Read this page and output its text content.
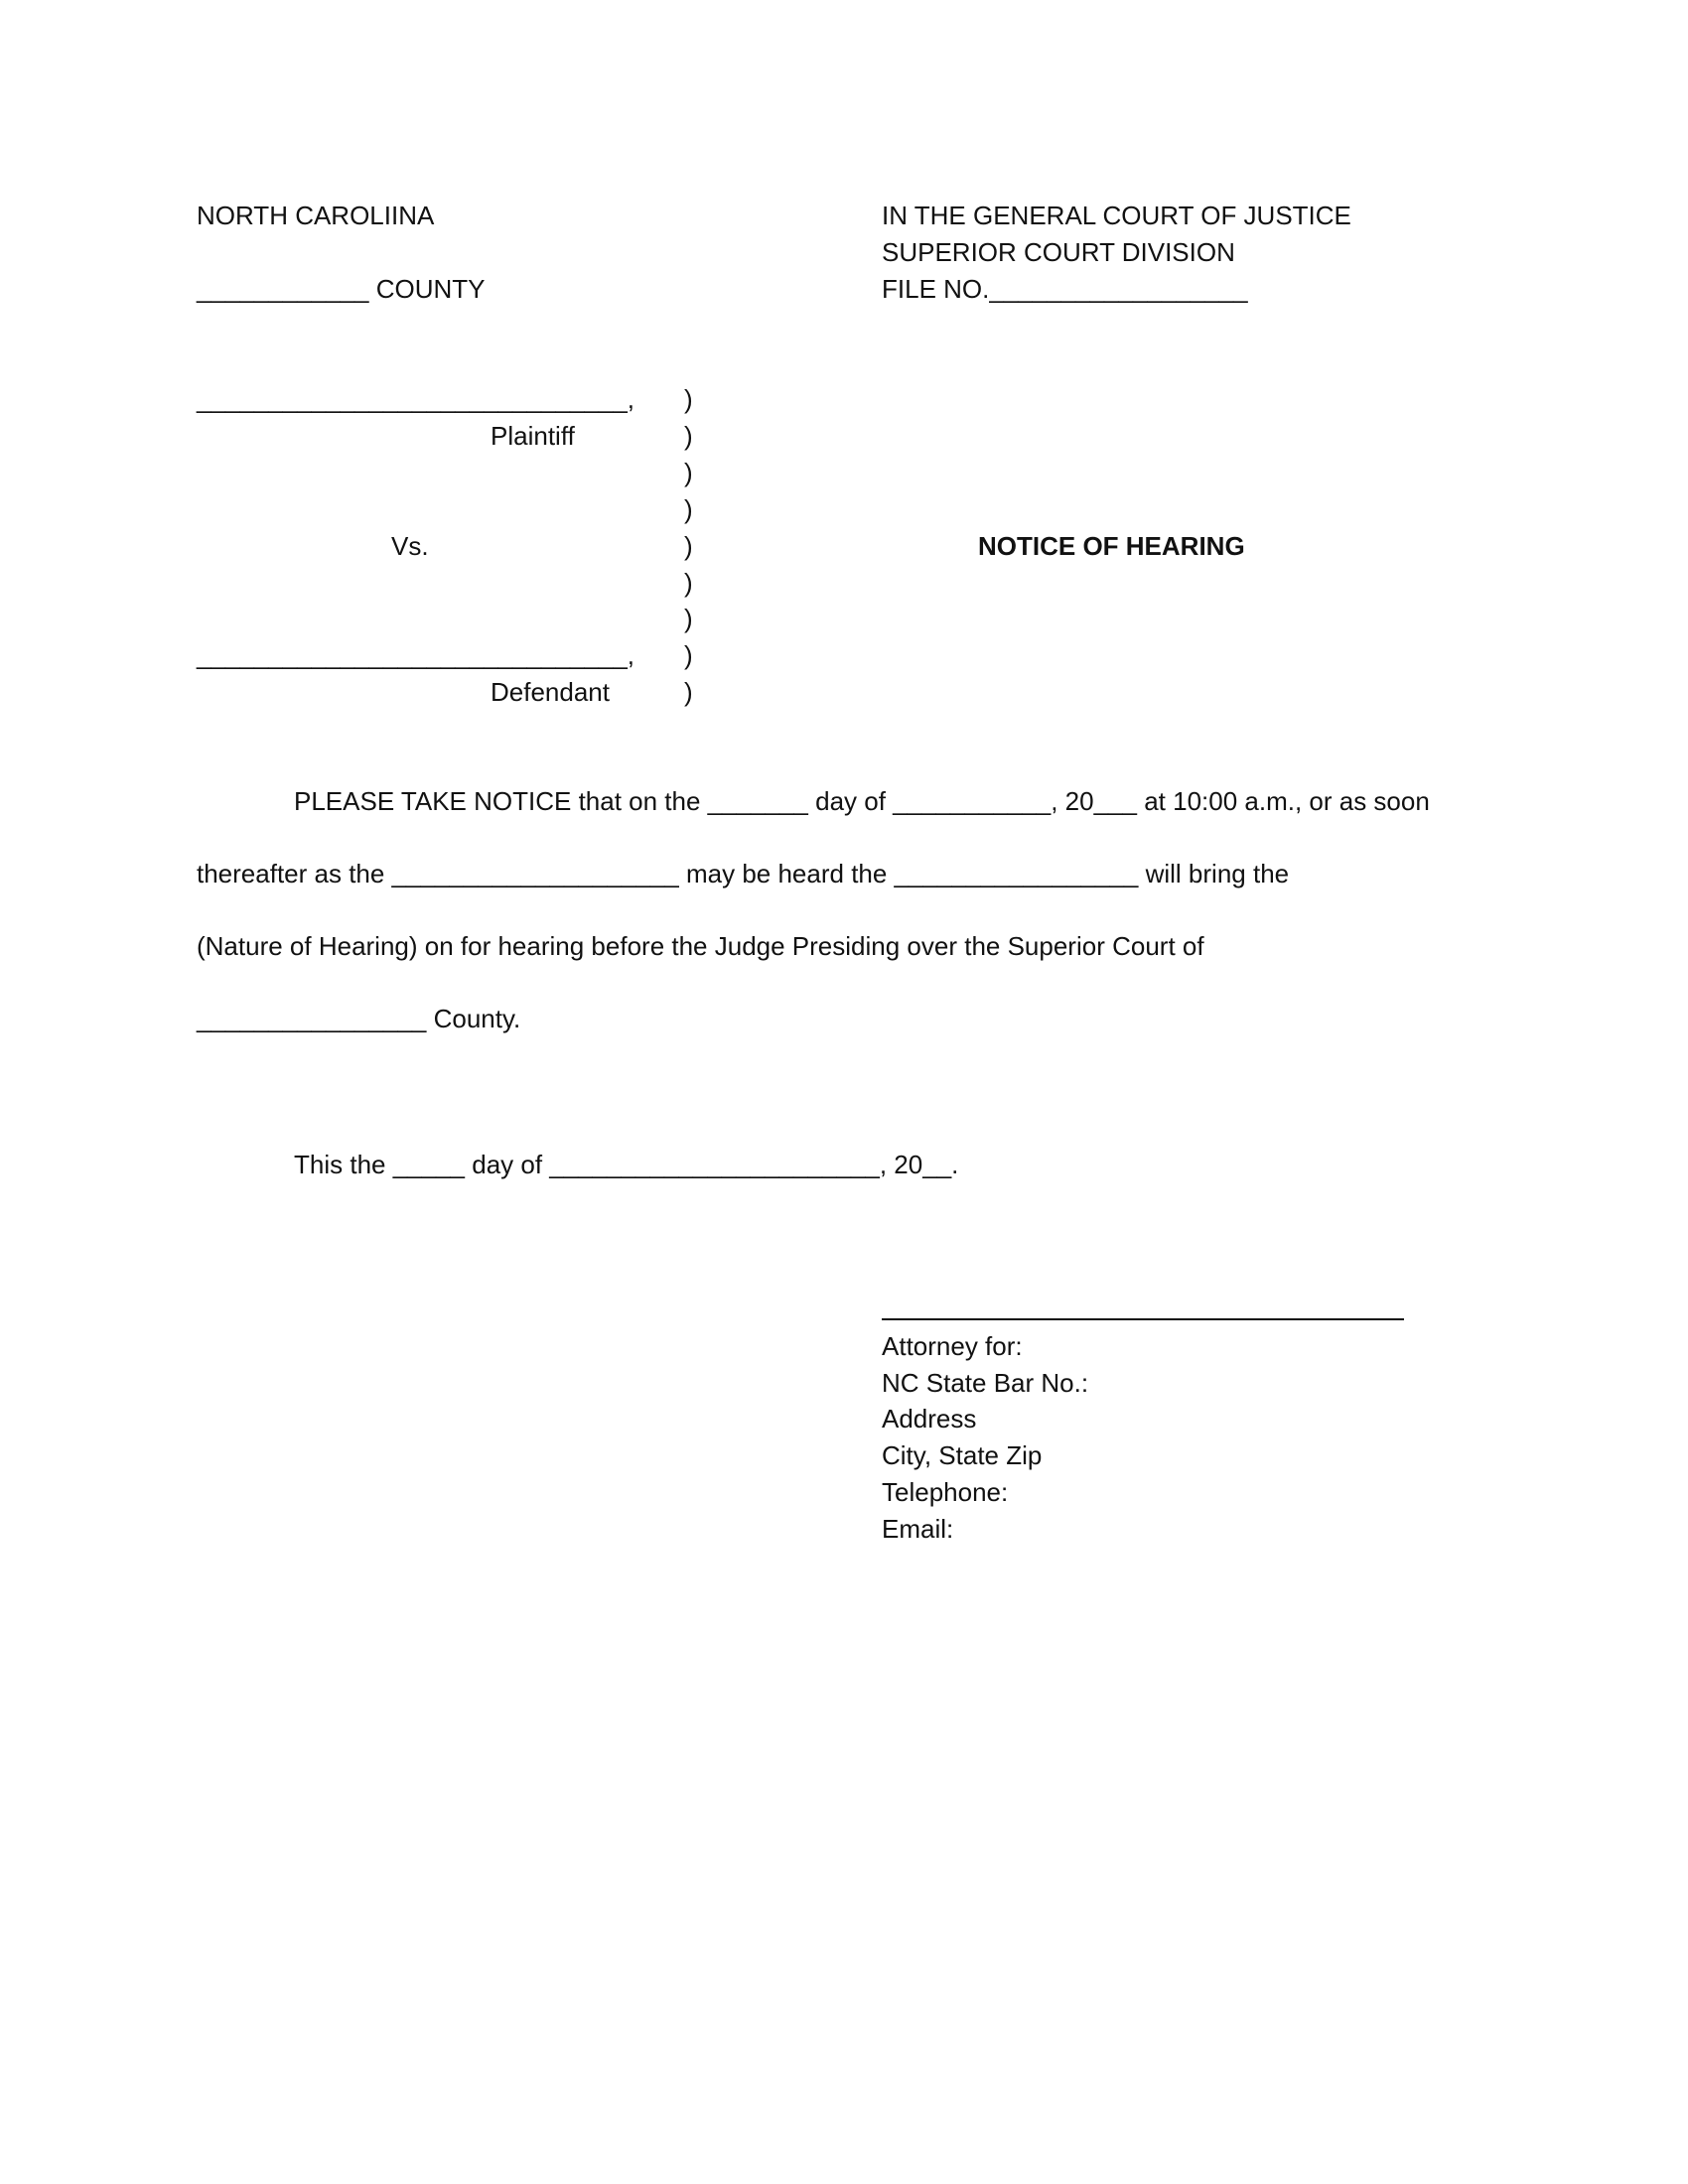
NORTH CAROLIINA
____________ COUNTY
IN THE GENERAL COURT OF JUSTICE
SUPERIOR COURT DIVISION
FILE NO.__________________
______________________________,
Plaintiff
Vs.
______________________________,
Defendant
)
)
)
)
)
)
)
)
)
NOTICE OF HEARING
PLEASE TAKE NOTICE that on the _______ day of ___________, 20___ at 10:00 a.m., or as soon
thereafter as the ____________________ may be heard the _________________ will bring the
(Nature of Hearing) on for hearing before the Judge Presiding over the Superior Court of
________________ County.
This the _____ day of _______________________, 20__.
Attorney for:
NC State Bar No.:
Address
City, State Zip
Telephone:
Email:
